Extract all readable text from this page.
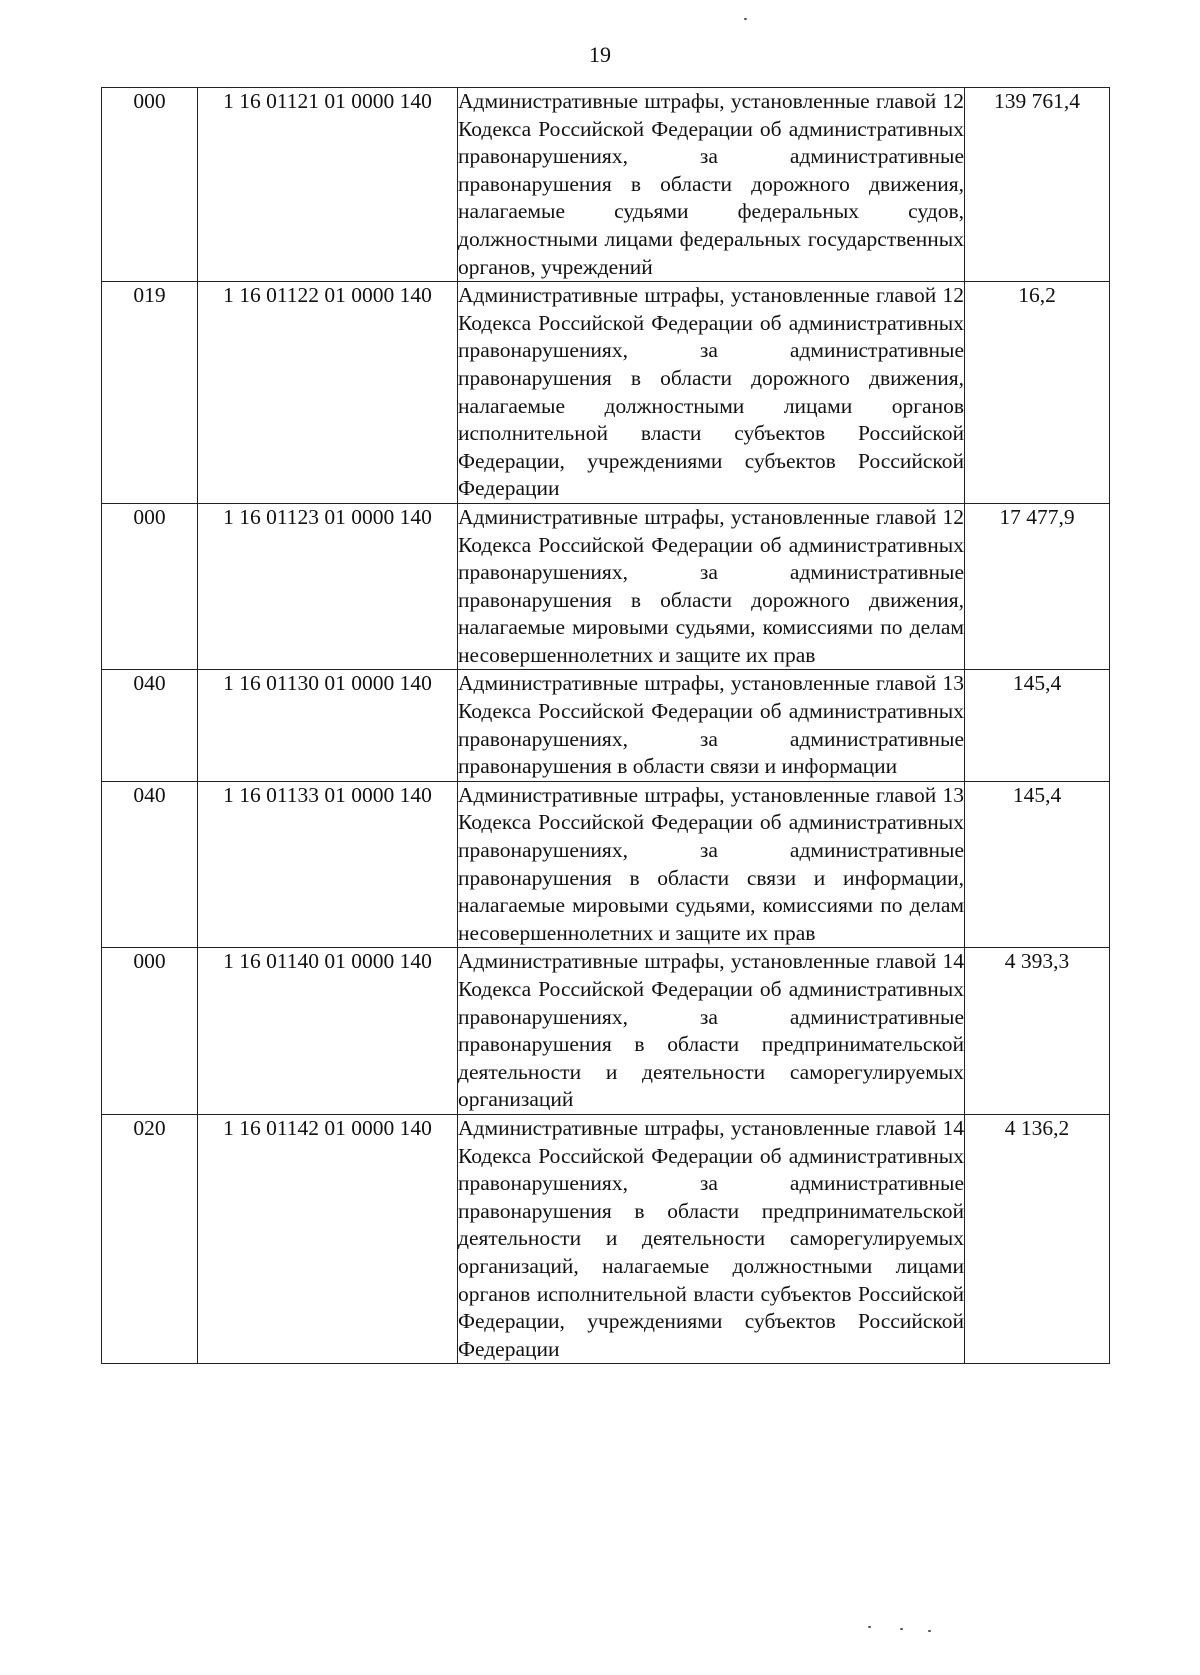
19
000	1 16 01121 01 0000 140	Административные штрафы, установленные главой 12 Кодекса Российской Федерации об административных правонарушениях, за административные правонарушения в области дорожного движения, налагаемые судьями федеральных судов, должностными лицами федеральных государственных органов, учреждений	139 761,4
019	1 16 01122 01 0000 140	Административные штрафы, установленные главой 12 Кодекса Российской Федерации об административных правонарушениях, за административные правонарушения в области дорожного движения, налагаемые должностными лицами органов исполнительной власти субъектов Российской Федерации, учреждениями субъектов Российской Федерации	16,2
000	1 16 01123 01 0000 140	Административные штрафы, установленные главой 12 Кодекса Российской Федерации об административных правонарушениях, за административные правонарушения в области дорожного движения, налагаемые мировыми судьями, комиссиями по делам несовершеннолетних и защите их прав	17 477,9
040	1 16 01130 01 0000 140	Административные штрафы, установленные главой 13 Кодекса Российской Федерации об административных правонарушениях, за административные правонарушения в области связи и информации	145,4
040	1 16 01133 01 0000 140	Административные штрафы, установленные главой 13 Кодекса Российской Федерации об административных правонарушениях, за административные правонарушения в области связи и информации, налагаемые мировыми судьями, комиссиями по делам несовершеннолетних и защите их прав	145,4
000	1 16 01140 01 0000 140	Административные штрафы, установленные главой 14 Кодекса Российской Федерации об административных правонарушениях, за административные правонарушения в области предпринимательской деятельности и деятельности саморегулируемых организаций	4 393,3
020	1 16 01142 01 0000 140	Административные штрафы, установленные главой 14 Кодекса Российской Федерации об административных правонарушениях, за административные правонарушения в области предпринимательской деятельности и деятельности саморегулируемых организаций, налагаемые должностными лицами органов исполнительной власти субъектов Российской Федерации, учреждениями субъектов Российской Федерации	4 136,2
